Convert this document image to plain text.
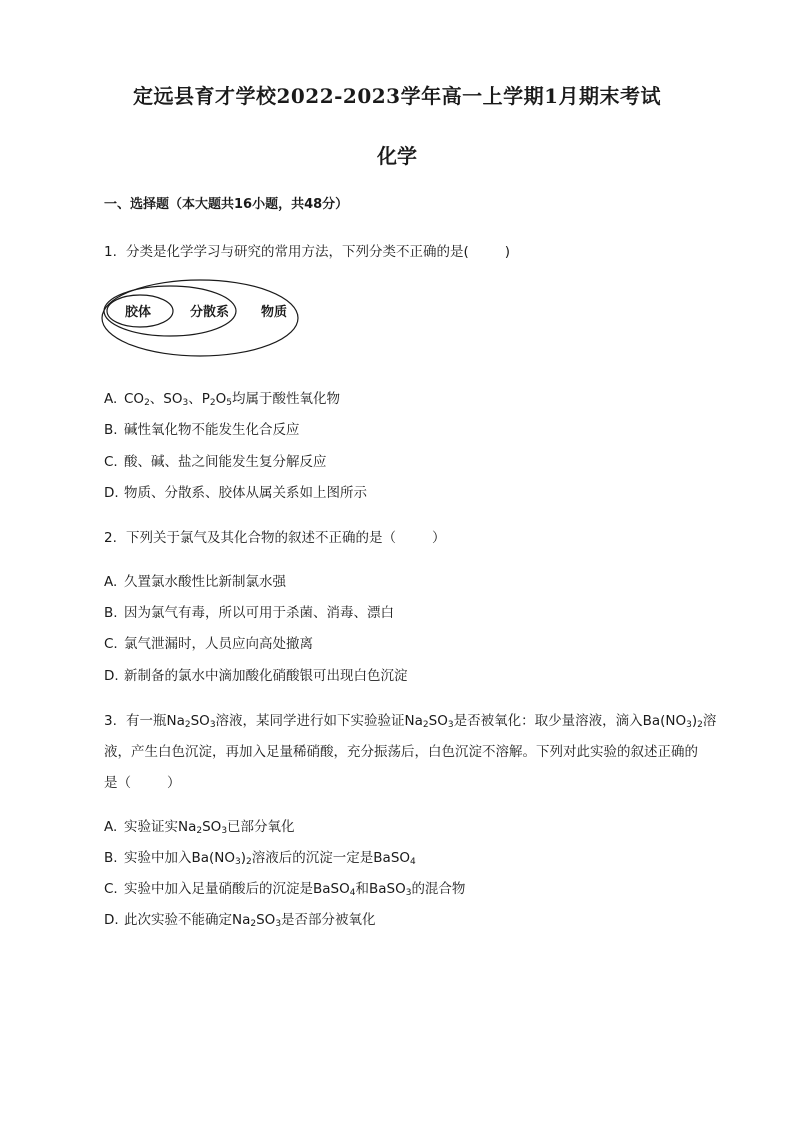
定远县育才学校2022-2023学年高一上学期1月期末考试
化学
一、选择题（本大题共16小题，共48分）
1. 分类是化学学习与研究的常用方法，下列分类不正确的是(	)
胶体	分散系 物质
A. $CO_2$、$SO_3$、$P_2O_5$均属于酸性氧化物
B. 碱性氧化物不能发生化合反应
C. 酸、碱、盐之间能发生复分解反应
D. 物质、分散系、胶体从属关系如上图所示
2. 下列关于氯气及其化合物的叙述不正确的是（	）
A. 久置氯水酸性比新制氯水强
B. 因为氯气有毒，所以可用于杀菌、消毒、漂白
C. 氯气泄漏时，人员应向高处撤离
D. 新制备的氯水中滴加酸化硝酸银可出现白色沉淀
3. 有一瓶$Na_2SO_3$溶液，某同学进行如下实验验证$Na_2SO_3$是否被氧化：取少量溶液，滴入$Ba(NO_3)_2$溶
液，产生白色沉淀，再加入足量稀硝酸，充分振荡后，白色沉淀不溶解。下列对此实验的叙述正确的
是（	）
A. 实验证实$Na_2SO_3$已部分氧化
B. 实验中加入$Ba(NO_3)_2$溶液后的沉淀一定是BaSO$_4$
C. 实验中加入足量硝酸后的沉淀是BaSO$_4$和BaSO$_3$的混合物
D. 此次实验不能确定$Na_2SO_3$是否部分被氧化
